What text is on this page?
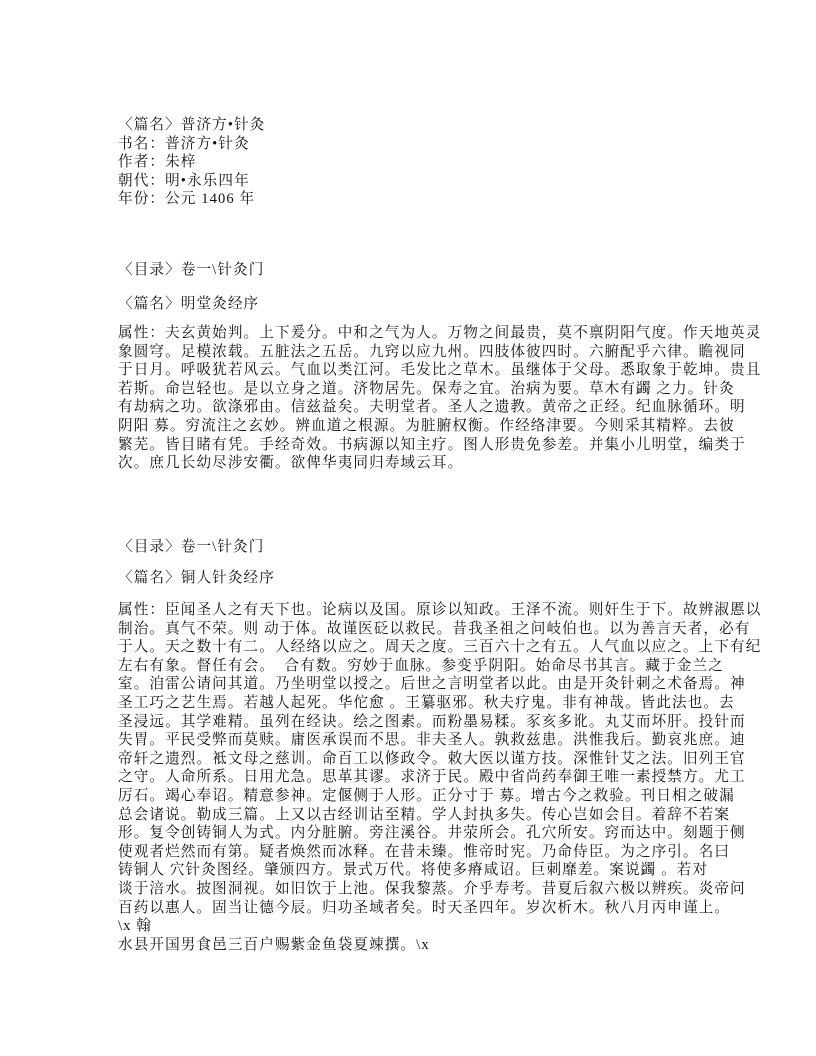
〈篇名〉普济方•针灸
书名：普济方•针灸
作者：朱梓
朝代：明•永乐四年
年份：公元 1406 年
〈目录〉卷一\针灸门
〈篇名〉明堂灸经序
属性：夫玄黄始判。上下爰分。中和之气为人。万物之间最贵，莫不禀阴阳气度。作天地英灵
象圆穹。足模浓载。五脏法之五岳。九窍以应九州。四肢体彼四时。六腑配乎六律。瞻视同
于日月。呼吸犹若风云。气血以类江河。毛发比之草木。虽继体于父母。悉取象于乾坤。贵且
若斯。命岂轻也。是以立身之道。济物居先。保寿之宜。治病为要。草木有蠲 之力。针灸
有劫病之功。欲涤邪由。信兹益矣。夫明堂者。圣人之遗教。黄帝之正经。纪血脉循环。明
阴阳 募。穷流注之玄妙。辨血道之根源。为脏腑权衡。作经络津要。今则采其精粹。去彼
繁芜。皆目睹有凭。手经奇效。书病源以知主疗。图人形贵免参差。并集小儿明堂，编类于
次。庶几长幼尽涉安衢。欲俾华夷同归寿域云耳。
〈目录〉卷一\针灸门
〈篇名〉铜人针灸经序
属性：臣闻圣人之有天下也。论病以及国。原诊以知政。王泽不流。则奸生于下。故辨淑慝以
制治。真气不荣。则 动于体。故谨医砭以救民。昔我圣祖之问岐伯也。以为善言天者，必有
于人。天之数十有二。人经络以应之。周天之度。三百六十之有五。人气血以应之。上下有纪
左右有象。督任有会。  合有数。穷妙于血脉。参变乎阴阳。始命尽书其言。藏于金兰之
室。洎雷公请问其道。乃坐明堂以授之。后世之言明堂者以此。由是开灸针刺之术备焉。神
圣工巧之艺生焉。若越人起死。华佗愈 。王纂驱邪。秋夫疗鬼。非有神哉。皆此法也。去
圣浸远。其学难精。虽列在经诀。绘之图素。而粉墨易糅。豕亥多讹。丸艾而坏肝。投针而
失胃。平民受弊而莫赎。庸医承误而不思。非夫圣人。孰救兹患。洪惟我后。勤哀兆庶。迪
帝轩之遗烈。袛文母之慈训。命百工以修政令。敕大医以谨方技。深惟针艾之法。旧列王官
之守。人命所系。日用尤急。思革其谬。求济于民。殿中省尚药奉御王唯一素授禁方。尤工
厉石。竭心奉诏。精意参神。定偃侧于人形。正分寸于 募。增古今之救验。刊日相之破漏
总会诸说。勒成三篇。上又以古经训诂至精。学人封执多失。传心岂如会目。着辞不若案
形。复令创铸铜人为式。内分脏腑。旁注溪谷。井荥所会。孔穴所安。窍而达中。刻题于侧
使观者烂然而有第。疑者焕然而冰释。在昔未臻。惟帝时宪。乃命侍臣。为之序引。名曰
铸铜人 穴针灸图经。肇颁四方。景式万代。将使多瘠咸诏。巨刺靡差。案说蠲 。若对
谈于涪水。披图洞视。如旧饮于上池。保我黎蒸。介乎寿考。昔夏后叙六极以辨疾。炎帝问
百药以惠人。固当让德今辰。归功圣域者矣。时天圣四年。岁次析木。秋八月丙申谨上。
\x 翰
水县开国男食邑三百户赐紫金鱼袋夏竦撰。\x
